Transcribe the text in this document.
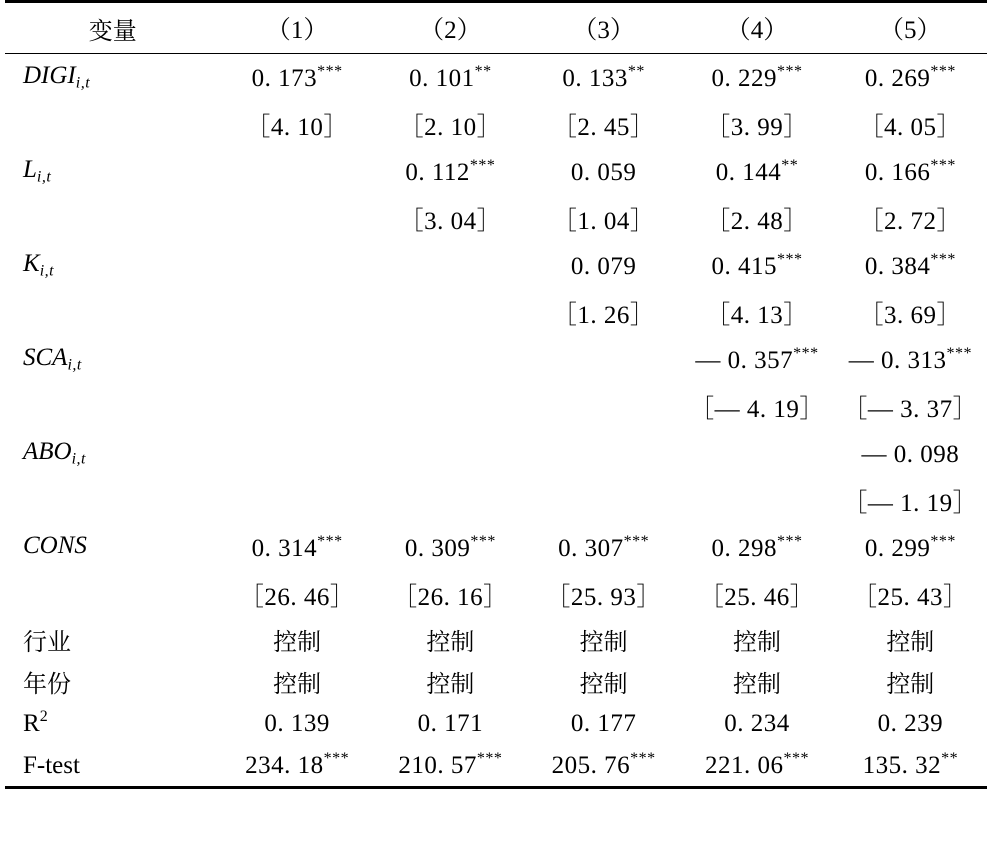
变量	（1）	（2）	（3）	（4）	（5）
$DIGI_{i,t}$	0. 173***	0. 101**	0. 133**	0. 229***	0. 269***
	［4. 10］	［2. 10］	［2. 45］	［3. 99］	［4. 05］
$L_{i,t}$		0. 112***	0. 059	0. 144**	0. 166***
		［3. 04］	［1. 04］	［2. 48］	［2. 72］
$K_{i,t}$			0. 079	0. 415***	0. 384***
			［1. 26］	［4. 13］	［3. 69］
$SCA_{i,t}$				— 0. 357***	— 0. 313***
				［— 4. 19］	［— 3. 37］
$ABO_{i,t}$					— 0. 098
					［— 1. 19］
CONS	0. 314***	0. 309***	0. 307***	0. 298***	0. 299***
	［26. 46］	［26. 16］	［25. 93］	［25. 46］	［25. 43］
行业	控制	控制	控制	控制	控制
年份	控制	控制	控制	控制	控制
$R^2$	0. 139	0. 171	0. 177	0. 234	0. 239
F-test	234. 18***	210. 57***	205. 76***	221. 06***	135. 32**
